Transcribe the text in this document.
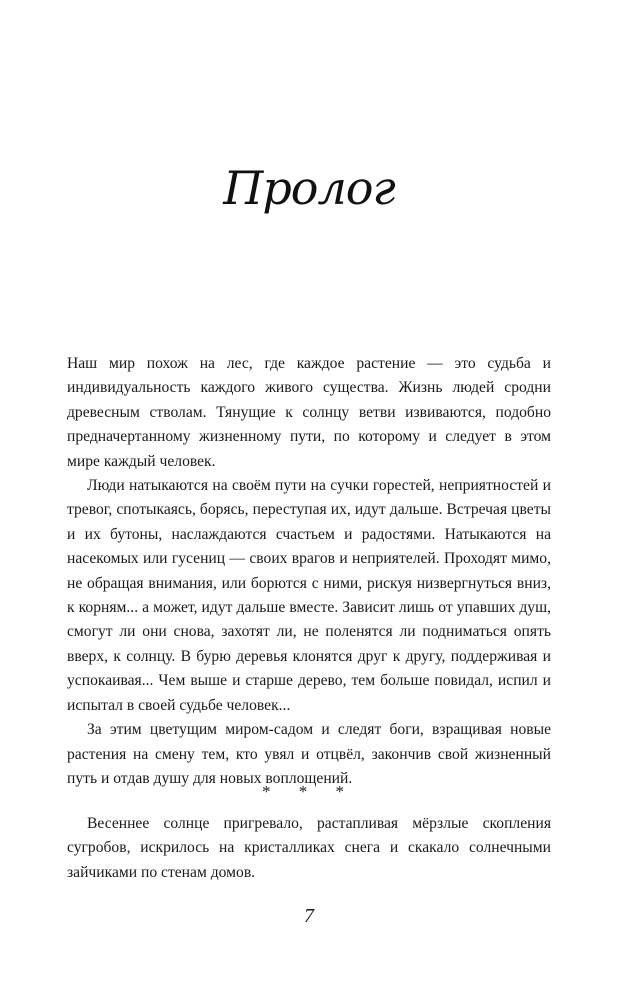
Пролог

Наш мир похож на лес, где каждое растение — это судьба и индивидуальность каждого живого существа. Жизнь людей сродни древесным стволам. Тянущие к солнцу ветви извиваются, подобно предначертанному жизненному пути, по которому и следует в этом мире каждый человек.

Люди натыкаются на своём пути на сучки горестей, неприятностей и тревог, спотыкаясь, борясь, переступая их, идут дальше. Встречая цветы и их бутоны, наслаждаются счастьем и радостями. Натыкаются на насекомых или гусениц — своих врагов и неприятелей. Проходят мимо, не обращая внимания, или борются с ними, рискуя низвергнуться вниз, к корням... а может, идут дальше вместе. Зависит лишь от упавших душ, смогут ли они снова, захотят ли, не поленятся ли подниматься опять вверх, к солнцу. В бурю деревья клонятся друг к другу, поддерживая и успокаивая... Чем выше и старше дерево, тем больше повидал, испил и испытал в своей судьбе человек...

За этим цветущим миром-садом и следят боги, взращивая новые растения на смену тем, кто увял и отцвёл, закончив свой жизненный путь и отдав душу для новых воплощений.

* * *

Весеннее солнце пригревало, растапливая мёрзлые скопления сугробов, искрилось на кристалликах снега и скакало солнечными зайчиками по стенам домов.

7
